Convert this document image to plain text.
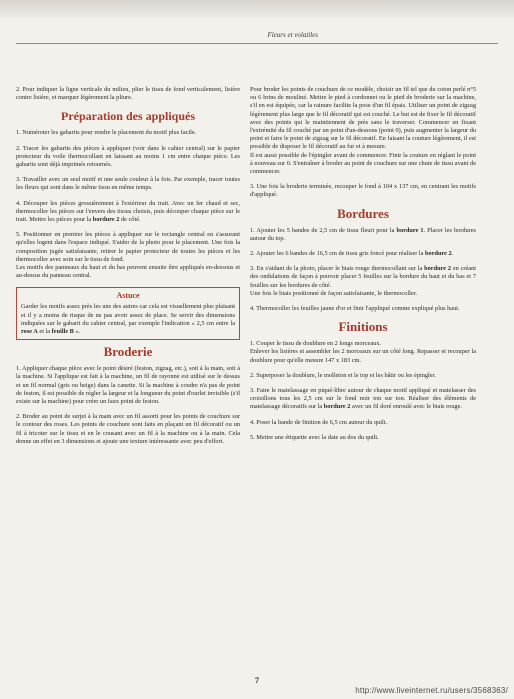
Fleurs et volatiles

2. Pour indiquer la ligne verticale du milieu, plier le tissu de fond verticalement, lisière contre lisière, et marquer légèrement la pliure.

Préparation des appliqués

1. Numéroter les gabarits pour rendre le placement du motif plus facile.

2. Tracer les gabarits des pièces à appliquer (voir dans le cahier central) sur le papier protecteur du voile thermocollant en laissant au moins 1 cm entre chaque pièce. Les gabarits sont déjà imprimés retournés.

3. Travailler avec un seul motif et une seule couleur à la fois. Par exemple, tracer toutes les fleurs qui sont dans le même tissu en même temps.

4. Découper les pièces grossièrement à l'extérieur du trait. Avec un fer chaud et sec, thermocoller les pièces sur l'envers des tissus choisis, puis découper chaque pièce sur le trait. Mettre les pièces pour la bordure 2 de côté.

5. Positionner en premier les pièces à appliquer sur le rectangle central en s'assurant qu'elles logent dans l'espace indiqué. S'aider de la photo pour le placement. Une fois la composition jugée satisfaisante, retirer le papier protecteur de toutes les pièces et les thermocoller avec soin sur le tissu de fond.
Les motifs des panneaux du haut et du bas peuvent ensuite être appliqués en-dessous et au-dessus du panneau central.

Astuce

Garder les motifs assez près les uns des autres car cela est visuellement plus plaisant et il y a moins de risque de ne pas avoir assez de place. Se servir des dimensions indiquées sur le gabarit du cahier central, par exemple l'indication « 2,5 cm entre la rose A et la feuille B ».

Broderie

1. Appliquer chaque pièce avec le point désiré (feston, zigzag, etc.), soit à la main, soit à la machine. Si l'applique est fait à la machine, un fil de rayonne est utilisé sur le dessus et un fil normal (gris ou beige) dans la canette. Si la machine à coudre n'a pas de point de feston, il est possible de régler la largeur et la longueur du point d'ourlet invisible (s'il existe sur la machine) pour créer un faux point de feston.

2. Broder au point de surjet à la main avec un fil assorti pour les points de couchure sur le contour des roses. Les points de couchure sont faits en plaçant un fil décoratif ou un fil à tricoter sur le tissu et en le cousant avec un fil à la machine ou à la main. Cela donne un effet en 3 dimensions et ajoute une texture intéressante avec peu d'effort.

Pour broder les points de couchure de ce modèle, choisir un fil tel que du coton perlé n°5 ou 6 brins de mouliné. Mettre le pied à cordonnet ou le pied de broderie sur la machine, s'il en est équipée, car la rainure facilite la pose d'un fil épais. Utiliser un point de zigzag légèrement plus large que le fil décoratif qui est couché. Le but est de fixer le fil décoratif avec des points qui le maintiennent de près sans le traverser. Commencer en fixant l'extrémité du fil couché par un point d'un-dessous (point 0), puis augmenter la largeur du point et faire le point de zigzag sur le fil décoratif. En faisant la couture légèrement, il est possible de disposer le fil décoratif au fur et à mesure.
Il est aussi possible de l'épingler avant de commencer. Finir la couture en réglant le point à nouveau sur 0. S'entraîner à broder au point de couchure sur une chute de tissu avant de commencer.

3. Une fois la broderie terminée, recouper le fond à 104 x 137 cm, en centrant les motifs d'appliqué.

Bordures

1. Ajouter les 5 bandes de 2,5 cm de tissu fleuri pour la bordure 1. Placer les bordures autour du top.

2. Ajouter les 6 bandes de 16,5 cm de tissu gris foncé pour réaliser la bordure 2.

3. En s'aidant de la photo, placer le biais rouge thermocollant sur la bordure 2 en créant des ondulations de façon à pouvoir placer 5 feuilles sur la bordure du haut et du bas et 7 feuilles sur les bordures de côté.
Une fois le biais positionné de façon satisfaisante, le thermocoller.

4. Thermocoller les feuilles jaune d'or et finir l'appliqué comme expliqué plus haut.

Finitions

1. Couper le tissu de doublure en 2 longs morceaux.
Enlever les lisières et assembler les 2 morceaux sur un côté long. Repasser et recouper la doublure pour qu'elle mesure 147 x 183 cm.

2. Superposer la doublure, le molleton et le top et les bâtir ou les épingler.

3. Faire le matelassage en piqué-libre autour de chaque motif appliqué et matelasser des croisillons tous les 2,5 cm sur le fond noir ton sur ton. Réaliser des éléments de matelassage décoratifs sur la bordure 2 avec un fil doré enroulé avec le biais rouge.

4. Poser la bande de finition de 6,5 cm autour du quilt.

5. Mettre une étiquette avec la date au dos du quilt.

7
http://www.liveinternet.ru/users/3568363/
